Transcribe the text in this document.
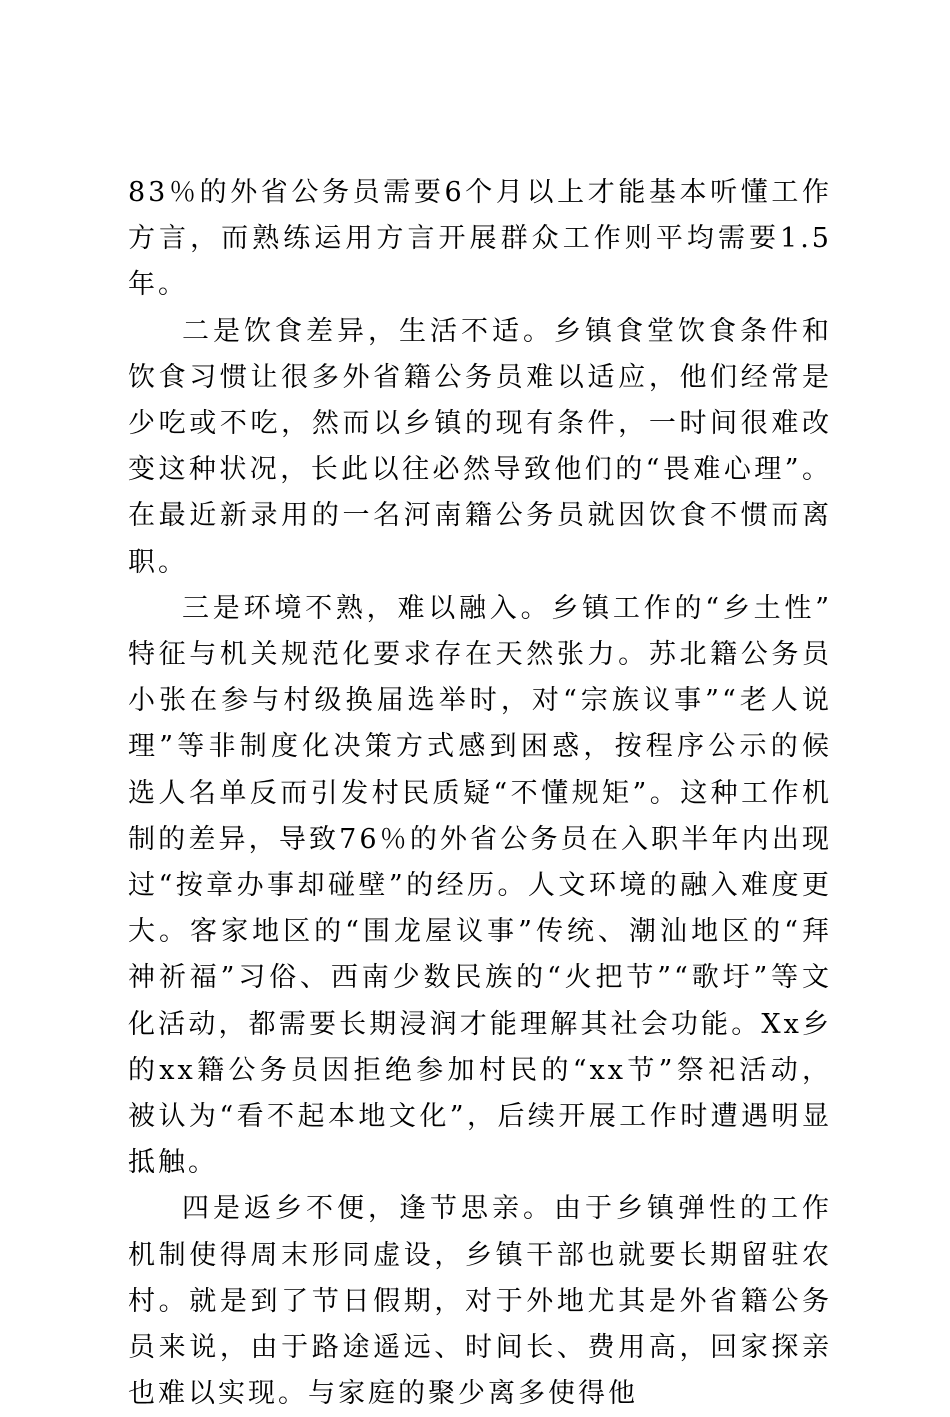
83％的外省公务员需要6个月以上才能基本听懂工作方言，而熟练运用方言开展群众工作则平均需要1.5年。

二是饮食差异，生活不适。乡镇食堂饮食条件和饮食习惯让很多外省籍公务员难以适应，他们经常是少吃或不吃，然而以乡镇的现有条件，一时间很难改变这种状况，长此以往必然导致他们的“畏难心理”。在最近新录用的一名河南籍公务员就因饮食不惯而离职。

三是环境不熟，难以融入。乡镇工作的“乡土性”特征与机关规范化要求存在天然张力。苏北籍公务员小张在参与村级换届选举时，对“宗族议事”“老人说理”等非制度化决策方式感到困惑，按程序公示的候选人名单反而引发村民质疑“不懂规矩”。这种工作机制的差异，导致76％的外省公务员在入职半年内出现过“按章办事却碰壁”的经历。人文环境的融入难度更大。客家地区的“围龙屋议事”传统、潮汕地区的“拜神祈福”习俗、西南少数民族的“火把节”“歌圩”等文化活动，都需要长期浸润才能理解其社会功能。Xx乡的xx籍公务员因拒绝参加村民的“xx节”祭祀活动，被认为“看不起本地文化”，后续开展工作时遭遇明显抵触。

四是返乡不便，逢节思亲。由于乡镇弹性的工作机制使得周末形同虚设，乡镇干部也就要长期留驻农村。就是到了节日假期，对于外地尤其是外省籍公务员来说，由于路途遥远、时间长、费用高，回家探亲也难以实现。与家庭的聚少离多使得他
